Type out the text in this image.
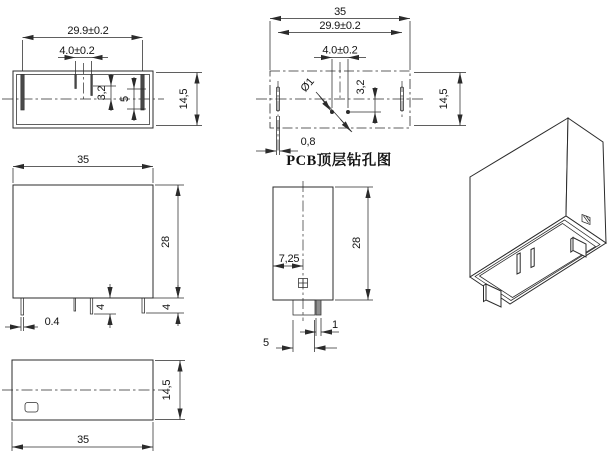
29.9±0.2
4.0±0.2
3,2 5	14,5
35
29.9±0.2
4.0±0.2
Ø1	3,2
0,8
14,5
PCB顶层钻孔图
35
28
0.4
4	4
28
7,25
1
5
14,5
35
